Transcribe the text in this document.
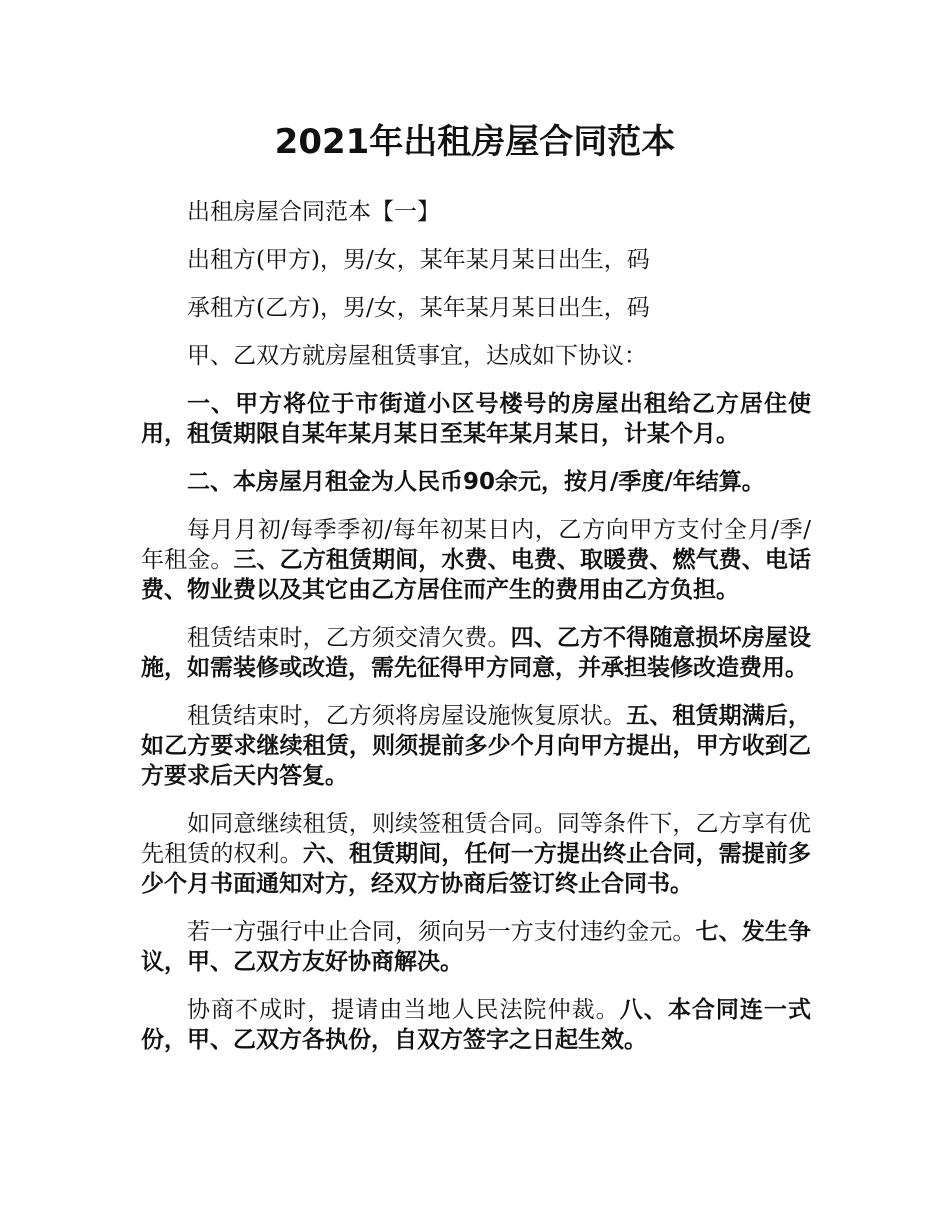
2021年出租房屋合同范本

出租房屋合同范本【一】

出租方(甲方)，男/女，某年某月某日出生，码

承租方(乙方)，男/女，某年某月某日出生，码

甲、乙双方就房屋租赁事宜，达成如下协议：

一、甲方将位于市街道小区号楼号的房屋出租给乙方居住使用，租赁期限自某年某月某日至某年某月某日，计某个月。

二、本房屋月租金为人民币90余元，按月/季度/年结算。

每月月初/每季季初/每年初某日内，乙方向甲方支付全月/季/年租金。三、乙方租赁期间，水费、电费、取暖费、燃气费、电话费、物业费以及其它由乙方居住而产生的费用由乙方负担。

租赁结束时，乙方须交清欠费。四、乙方不得随意损坏房屋设施，如需装修或改造，需先征得甲方同意，并承担装修改造费用。

租赁结束时，乙方须将房屋设施恢复原状。五、租赁期满后，如乙方要求继续租赁，则须提前多少个月向甲方提出，甲方收到乙方要求后天内答复。

如同意继续租赁，则续签租赁合同。同等条件下，乙方享有优先租赁的权利。六、租赁期间，任何一方提出终止合同，需提前多少个月书面通知对方，经双方协商后签订终止合同书。

若一方强行中止合同，须向另一方支付违约金元。七、发生争议，甲、乙双方友好协商解决。

协商不成时，提请由当地人民法院仲裁。八、本合同连一式份，甲、乙双方各执份，自双方签字之日起生效。
